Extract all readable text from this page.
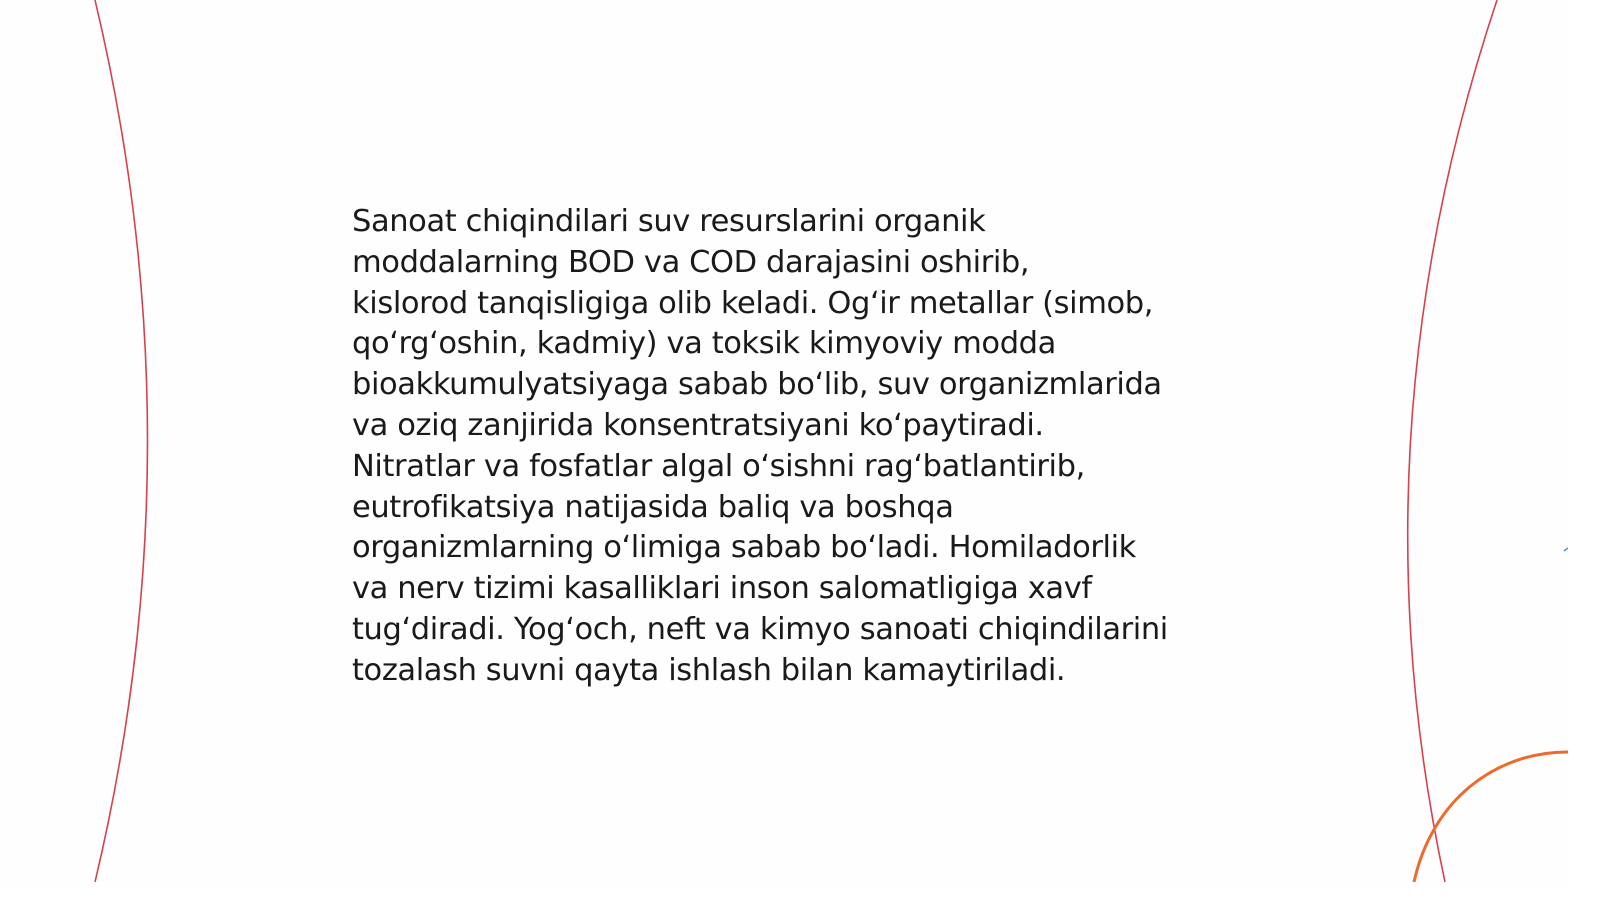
Sanoat chiqindilari suv resurslarini organik
moddalarning BOD va COD darajasini oshirib,
kislorod tanqisligiga olib keladi. Og‘ir metallar (simob,
qo‘rg‘oshin, kadmiy) va toksik kimyoviy modda
bioakkumulyatsiyaga sabab bo‘lib, suv organizmlarida
va oziq zanjirida konsentratsiyani ko‘paytiradi.
Nitratlar va fosfatlar algal o‘sishni rag‘batlantirib,
eutrofikatsiya natijasida baliq va boshqa
organizmlarning o‘limiga sabab bo‘ladi. Homiladorlik
va nerv tizimi kasalliklari inson salomatligiga xavf
tug‘diradi. Yog‘och, neft va kimyo sanoati chiqindilarini
tozalash suvni qayta ishlash bilan kamaytiriladi.
